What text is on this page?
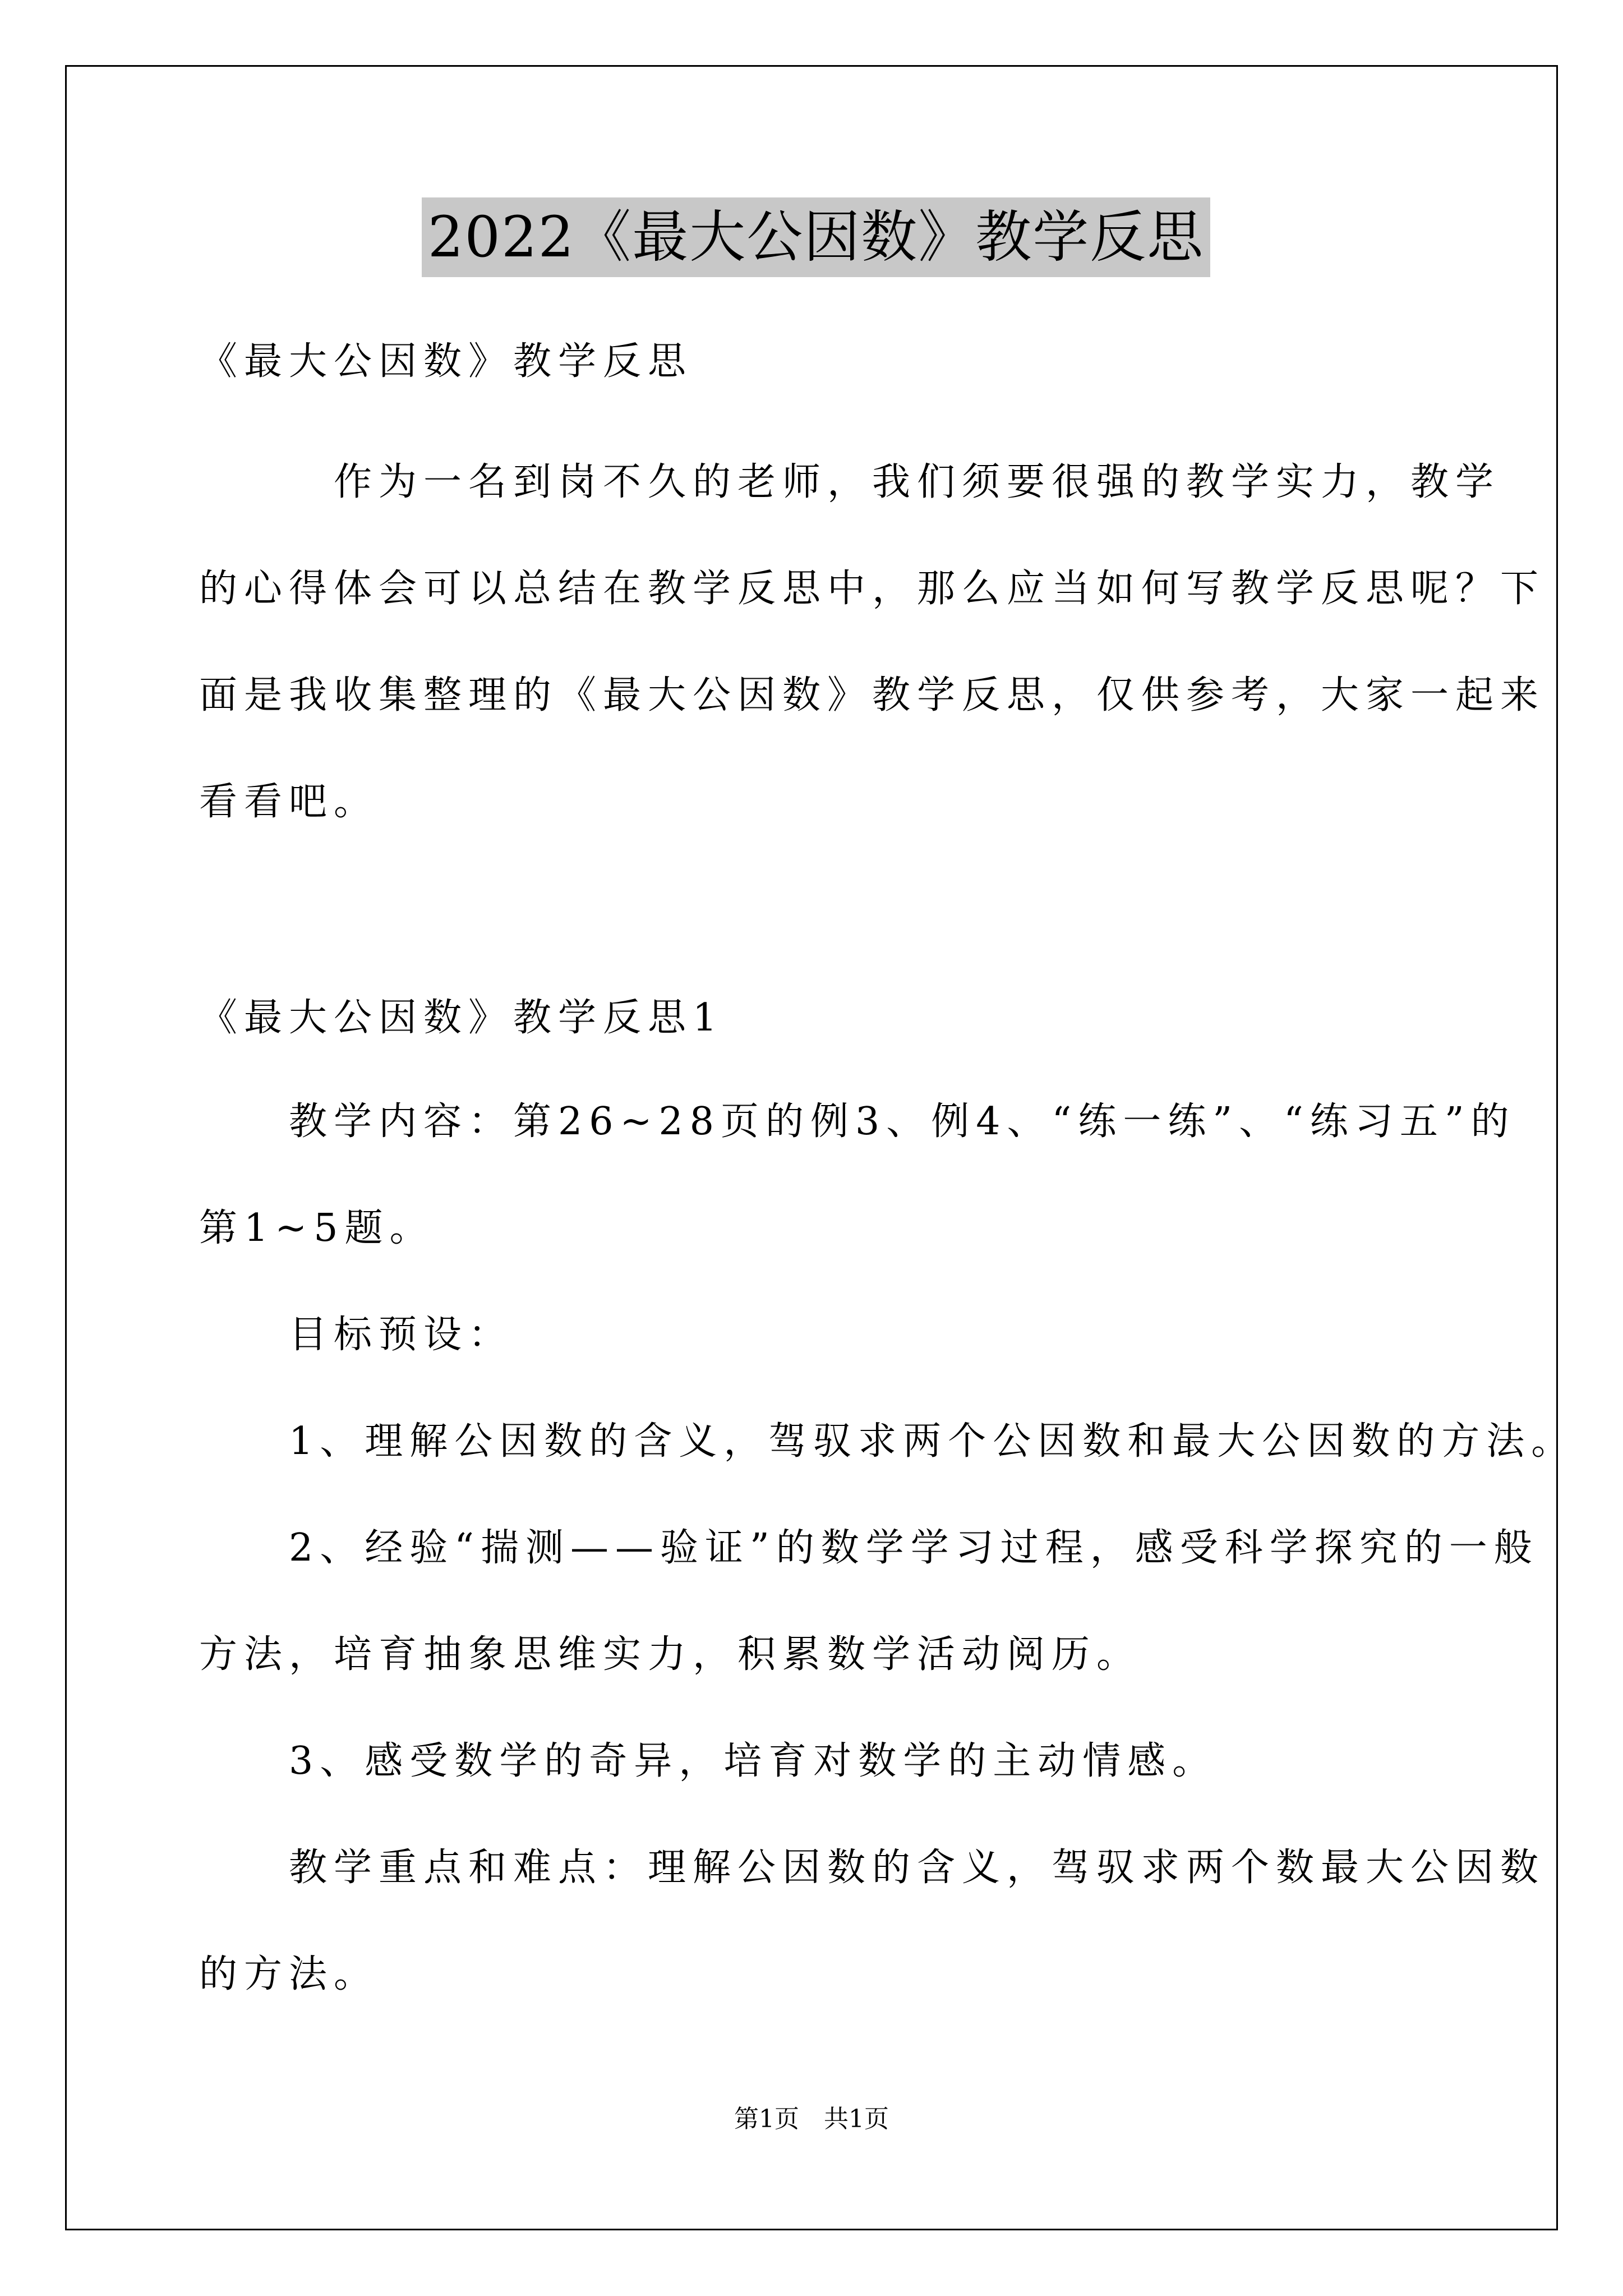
2022《最大公因数》教学反思
《最大公因数》教学反思
　　　作为一名到岗不久的老师，我们须要很强的教学实力，教学
的心得体会可以总结在教学反思中，那么应当如何写教学反思呢？下
面是我收集整理的《最大公因数》教学反思，仅供参考，大家一起来
看看吧。
《最大公因数》教学反思1
　　教学内容：第26~28页的例3、例4、“练一练”、“练习五”的
第1~5题。
　　目标预设：
　　1、理解公因数的含义，驾驭求两个公因数和最大公因数的方法。
　　2、经验“揣测——验证”的数学学习过程，感受科学探究的一般
方法，培育抽象思维实力，积累数学活动阅历。
　　3、感受数学的奇异，培育对数学的主动情感。
　　教学重点和难点：理解公因数的含义，驾驭求两个数最大公因数
的方法。
第1页　共1页
